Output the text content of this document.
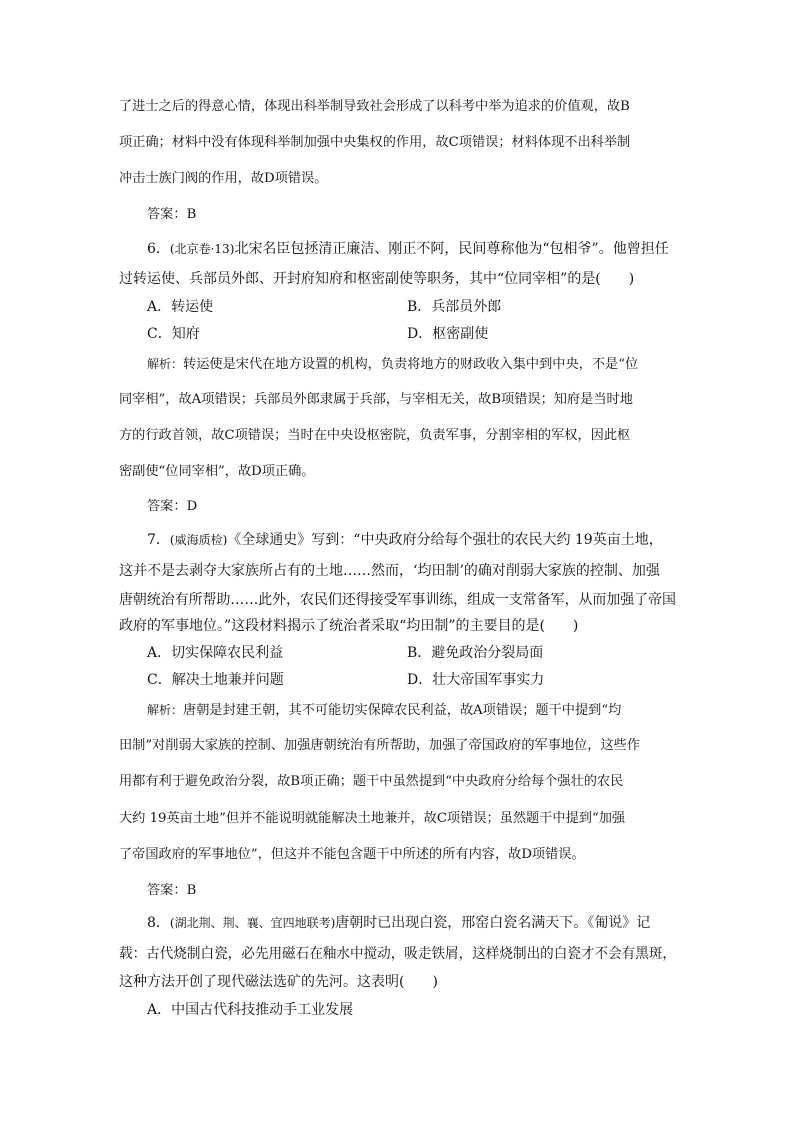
了进士之后的得意心情，体现出科举制导致社会形成了以科考中举为追求的价值观，故B
项正确；材料中没有体现科举制加强中央集权的作用，故C项错误；材料体现不出科举制
冲击士族门阀的作用，故D项错误。
答案：B
6．(北京卷·13)北宋名臣包拯清正廉洁、刚正不阿，民间尊称他为“包相爷”。他曾担任
过转运使、兵部员外郎、开封府知府和枢密副使等职务，其中“位同宰相”的是(　　)
A．转运使	B．兵部员外郎
C．知府	D．枢密副使
解析：转运使是宋代在地方设置的机构，负责将地方的财政收入集中到中央，不是“位
同宰相”，故A项错误；兵部员外郎隶属于兵部，与宰相无关，故B项错误；知府是当时地
方的行政首领，故C项错误；当时在中央设枢密院，负责军事，分割宰相的军权，因此枢
密副使“位同宰相”，故D项正确。
答案：D
7．(威海质检)《全球通史》写到：“中央政府分给每个强壮的农民大约 19英亩土地，
这并不是去剥夺大家族所占有的土地……然而，‘均田制’的确对削弱大家族的控制、加强
唐朝统治有所帮助……此外，农民们还得接受军事训练，组成一支常备军，从而加强了帝国
政府的军事地位。”这段材料揭示了统治者采取“均田制”的主要目的是(　　)
A．切实保障农民利益	B．避免政治分裂局面
C．解决土地兼并问题	D．壮大帝国军事实力
解析：唐朝是封建王朝，其不可能切实保障农民利益，故A项错误；题干中提到“均
田制”对削弱大家族的控制、加强唐朝统治有所帮助，加强了帝国政府的军事地位，这些作
用都有利于避免政治分裂，故B项正确；题干中虽然提到“中央政府分给每个强壮的农民
大约 19英亩土地”但并不能说明就能解决土地兼并，故C项错误；虽然题干中提到“加强
了帝国政府的军事地位”，但这并不能包含题干中所述的所有内容，故D项错误。
答案：B
8．(湖北荆、荆、襄、宜四地联考)唐朝时已出现白瓷，邢窑白瓷名满天下。《匍说》记
载：古代烧制白瓷，必先用磁石在釉水中搅动，吸走铁屑，这样烧制出的白瓷才不会有黑斑，
这种方法开创了现代磁法选矿的先河。这表明(　　)
A．中国古代科技推动手工业发展
